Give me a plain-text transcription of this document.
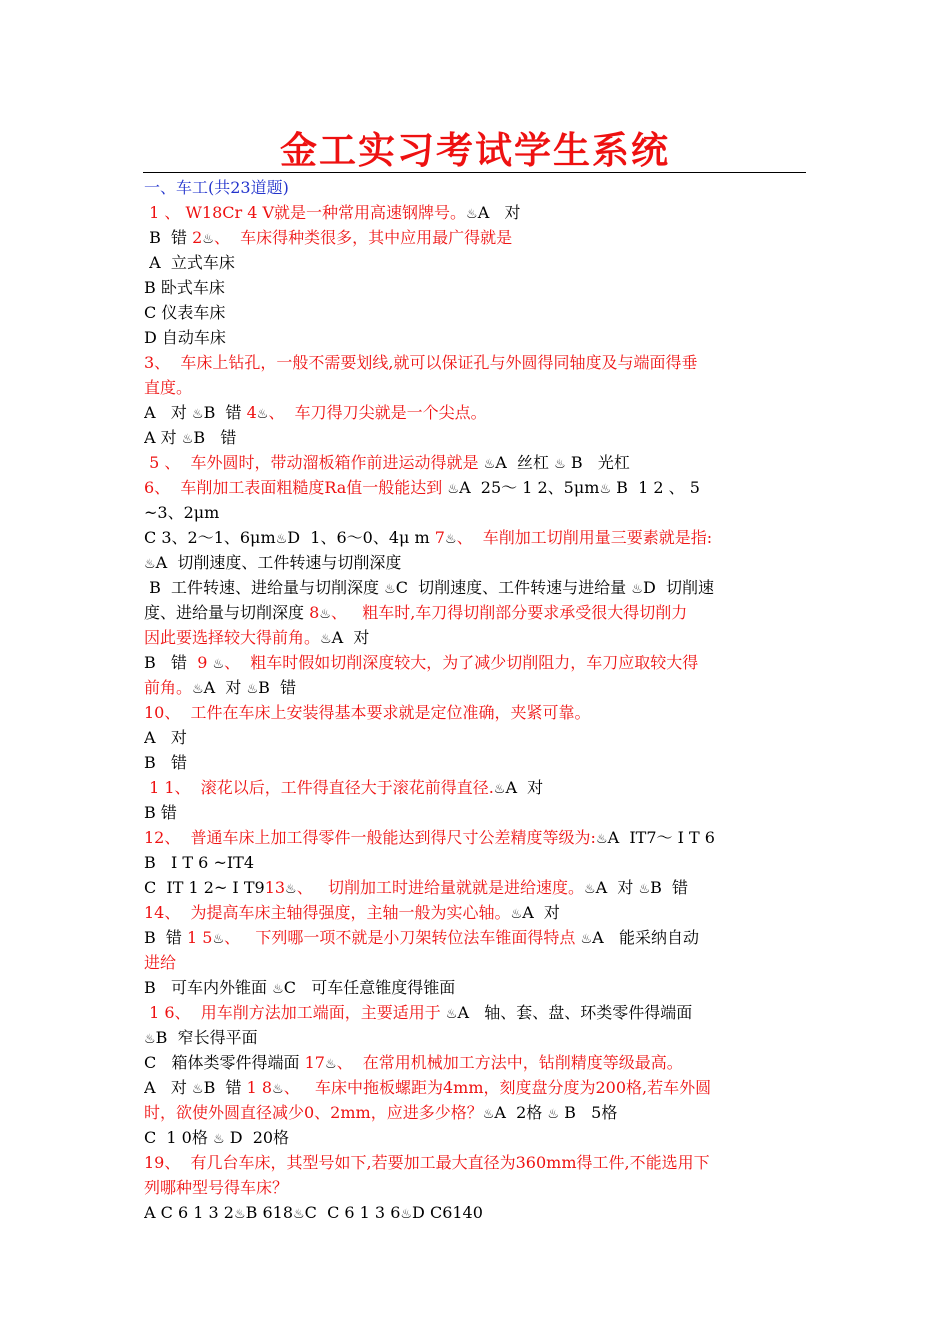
金工实习考试学生系统
一、车工(共23道题)
1 、 W18Cr 4 V就是一种常用高速钢牌号。♨A   对
B  错 2♨、  车床得种类很多，其中应用最广得就是
A  立式车床
B 卧式车床
C 仪表车床
D 自动车床
3、  车床上钻孔，一般不需要划线,就可以保证孔与外圆得同轴度及与端面得垂
直度。
A   对 ♨B  错 4♨、  车刀得刀尖就是一个尖点。
A 对 ♨B   错
5 、  车外圆时，带动溜板箱作前进运动得就是 ♨A  丝杠 ♨ B   光杠
6、  车削加工表面粗糙度Ra值一般能达到 ♨A  25～ 1 2、5μm♨ B  1 2 、 5
~3、2μm
C 3、2～1、6μm♨D  1、6～0、4μ m 7♨、  车削加工切削用量三要素就是指:
♨A  切削速度、工件转速与切削深度
B  工件转速、进给量与切削深度 ♨C  切削速度、工件转速与进给量 ♨D  切削速
度、进给量与切削深度 8♨、   粗车时,车刀得切削部分要求承受很大得切削力
因此要选择较大得前角。♨A  对
B   错  9 ♨、  粗车时假如切削深度较大，为了减少切削阻力，车刀应取较大得
前角。♨A  对 ♨B  错
10、  工件在车床上安装得基本要求就是定位准确，夹紧可靠。
A   对
B   错
1 1、  滚花以后，工件得直径大于滚花前得直径.♨A  对
B 错
12、  普通车床上加工得零件一般能达到得尺寸公差精度等级为:♨A  IT7～ I T 6
B   I T 6 ~IT4
C  IT 1 2~ I T913♨、   切削加工时进给量就就是进给速度。♨A  对 ♨B  错
14、  为提高车床主轴得强度，主轴一般为实心轴。♨A  对
B  错 1 5♨、   下列哪一项不就是小刀架转位法车锥面得特点 ♨A   能采纳自动
进给
B   可车内外锥面 ♨C   可车任意锥度得锥面
1 6、  用车削方法加工端面，主要适用于 ♨A   轴、套、盘、环类零件得端面
♨B  窄长得平面
C   箱体类零件得端面 17♨、  在常用机械加工方法中，钻削精度等级最高。
A   对 ♨B  错 1 8♨、   车床中拖板螺距为4mm，刻度盘分度为200格,若车外圆
时，欲使外圆直径减少0、2mm，应进多少格？♨A  2格 ♨ B   5格
C  1 0格 ♨ D  20格
19、  有几台车床，其型号如下,若要加工最大直径为360mm得工件,不能选用下
列哪种型号得车床？
A C 6 1 3 2♨B 618♨C  C 6 1 3 6♨D C6140
